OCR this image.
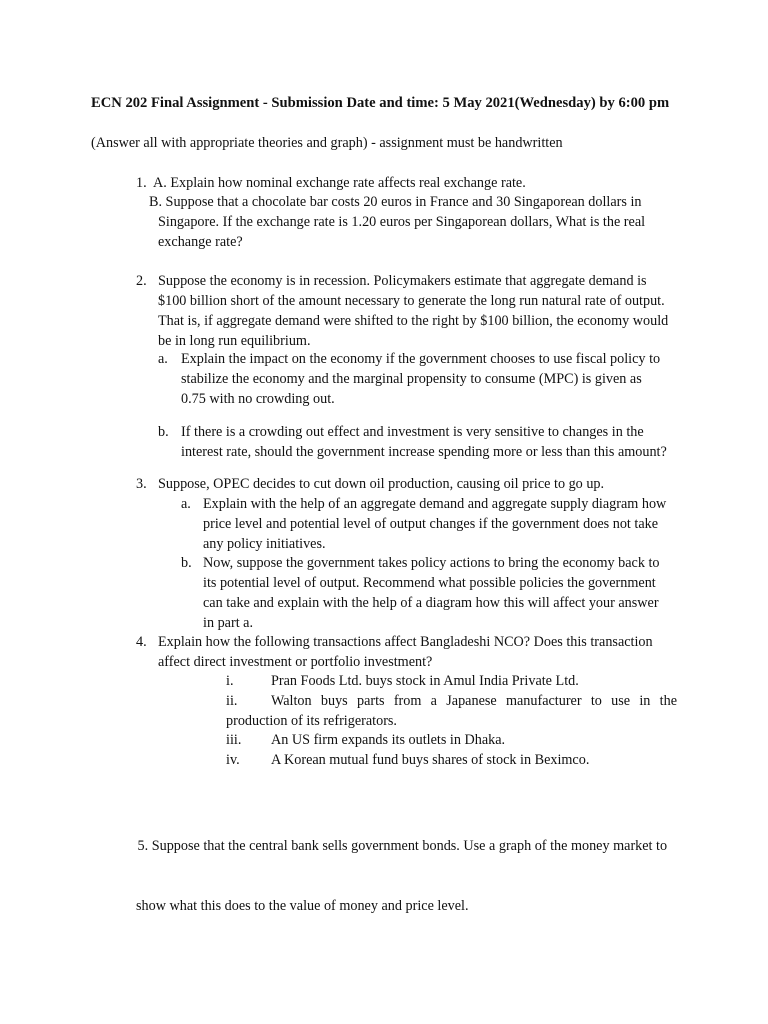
ECN 202 Final Assignment - Submission Date and time: 5 May 2021(Wednesday) by 6:00 pm
(Answer all with appropriate theories and graph) - assignment must be handwritten
1. A. Explain how nominal exchange rate affects real exchange rate.
B. Suppose that a chocolate bar costs 20 euros in France and 30 Singaporean dollars in
Singapore. If the exchange rate is 1.20 euros per Singaporean dollars, What is the real
exchange rate?
2. Suppose the economy is in recession. Policymakers estimate that aggregate demand is
$100 billion short of the amount necessary to generate the long run natural rate of output.
That is, if aggregate demand were shifted to the right by $100 billion, the economy would
be in long run equilibrium.
a. Explain the impact on the economy if the government chooses to use fiscal policy to
stabilize the economy and the marginal propensity to consume (MPC) is given as
0.75 with no crowding out.
b. If there is a crowding out effect and investment is very sensitive to changes in the
interest rate, should the government increase spending more or less than this amount?
3. Suppose, OPEC decides to cut down oil production, causing oil price to go up.
a. Explain with the help of an aggregate demand and aggregate supply diagram how
price level and potential level of output changes if the government does not take
any policy initiatives.
b. Now, suppose the government takes policy actions to bring the economy back to
its potential level of output. Recommend what possible policies the government
can take and explain with the help of a diagram how this will affect your answer
in part a.
4. Explain how the following transactions affect Bangladeshi NCO? Does this transaction
affect direct investment or portfolio investment?
i.	Pran Foods Ltd. buys stock in Amul India Private Ltd.
ii. Walton buys parts from a Japanese manufacturer to use in the
production of its refrigerators.
iii. An US firm expands its outlets in Dhaka.
iv. A Korean mutual fund buys shares of stock in Beximco.

5. Suppose that the central bank sells government bonds. Use a graph of the money market to

show what this does to the value of money and price level.
